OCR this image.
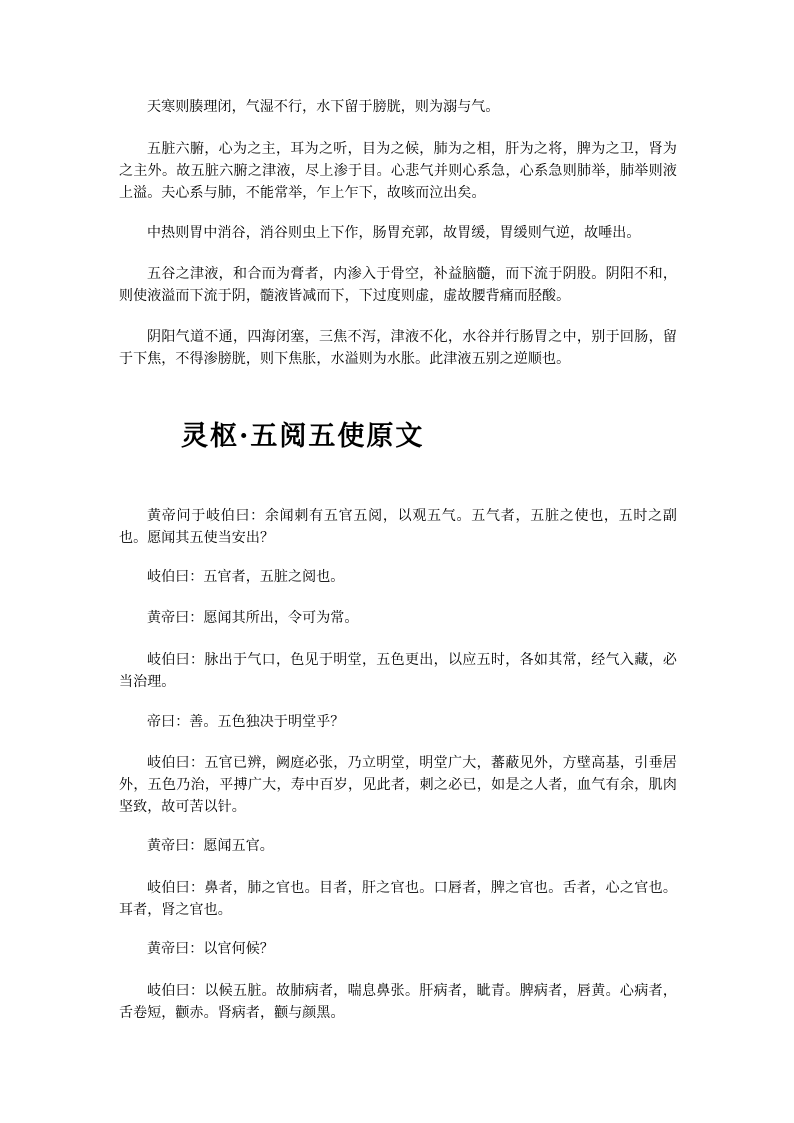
天寒则腠理闭，气湿不行，水下留于膀胱，则为溺与气。

五脏六腑，心为之主，耳为之听，目为之候，肺为之相，肝为之将，脾为之卫，肾为之主外。故五脏六腑之津液，尽上渗于目。心悲气并则心系急，心系急则肺举，肺举则液上溢。夫心系与肺，不能常举，乍上乍下，故咳而泣出矣。

中热则胃中消谷，消谷则虫上下作，肠胃充郭，故胃缓，胃缓则气逆，故唾出。

五谷之津液，和合而为膏者，内渗入于骨空，补益脑髓，而下流于阴股。阴阳不和，则使液溢而下流于阴，髓液皆减而下，下过度则虚，虚故腰背痛而胫酸。

阴阳气道不通，四海闭塞，三焦不泻，津液不化，水谷并行肠胃之中，别于回肠，留于下焦，不得渗膀胱，则下焦胀，水溢则为水胀。此津液五别之逆顺也。

灵枢·五阅五使原文

黄帝问于岐伯曰：余闻刺有五官五阅，以观五气。五气者，五脏之使也，五时之副也。愿闻其五使当安出？

岐伯曰：五官者，五脏之阅也。

黄帝曰：愿闻其所出，令可为常。

岐伯曰：脉出于气口，色见于明堂，五色更出，以应五时，各如其常，经气入藏，必当治理。

帝曰：善。五色独决于明堂乎？

岐伯曰：五官已辨，阙庭必张，乃立明堂，明堂广大，蕃蔽见外，方壁高基，引垂居外，五色乃治，平搏广大，寿中百岁，见此者，刺之必已，如是之人者，血气有余，肌肉坚致，故可苦以针。

黄帝曰：愿闻五官。

岐伯曰：鼻者，肺之官也。目者，肝之官也。口唇者，脾之官也。舌者，心之官也。耳者，肾之官也。

黄帝曰：以官何候？

岐伯曰：以候五脏。故肺病者，喘息鼻张。肝病者，眦青。脾病者，唇黄。心病者，舌卷短，颧赤。肾病者，颧与颜黑。
